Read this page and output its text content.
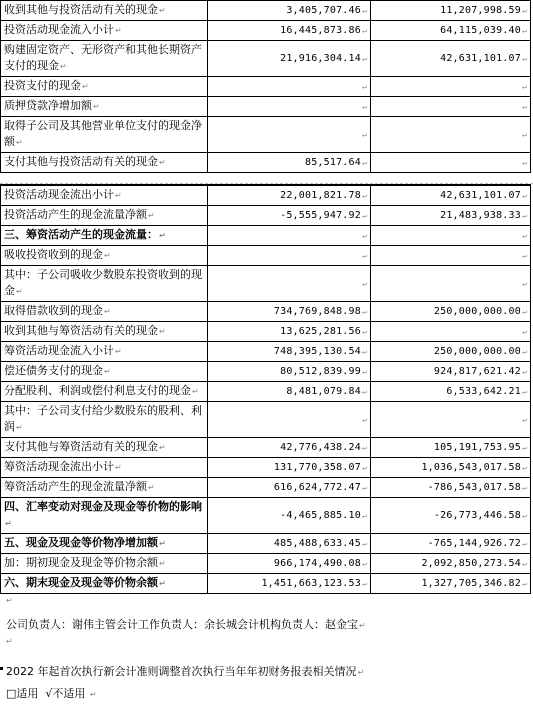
收到其他与投资活动有关的现金↵	3,405,707.46↵	11,207,998.59↵
投资活动现金流入小计↵	16,445,873.86↵	64,115,039.40↵
购建固定资产、无形资产和其他长期资产支付的现金↵	21,916,304.14↵	42,631,101.07↵
投资支付的现金↵	↵	↵
质押贷款净增加额↵	↵	↵
取得子公司及其他营业单位支付的现金净额↵	↵	↵
支付其他与投资活动有关的现金↵	85,517.64↵	↵
投资活动现金流出小计↵	22,001,821.78↵	42,631,101.07↵
投资活动产生的现金流量净额↵	-5,555,947.92↵	21,483,938.33↵
三、筹资活动产生的现金流量：↵	↵	↵
吸收投资收到的现金↵	↵	↵
其中：子公司吸收少数股东投资收到的现金↵	↵	↵
取得借款收到的现金↵	734,769,848.98↵	250,000,000.00↵
收到其他与筹资活动有关的现金↵	13,625,281.56↵	↵
筹资活动现金流入小计↵	748,395,130.54↵	250,000,000.00↵
偿还债务支付的现金↵	80,512,839.99↵	924,817,621.42↵
分配股利、利润或偿付利息支付的现金↵	8,481,079.84↵	6,533,642.21↵
其中：子公司支付给少数股东的股利、利润↵	↵	↵
支付其他与筹资活动有关的现金↵	42,776,438.24↵	105,191,753.95↵
筹资活动现金流出小计↵	131,770,358.07↵	1,036,543,017.58↵
筹资活动产生的现金流量净额↵	616,624,772.47↵	-786,543,017.58↵
四、汇率变动对现金及现金等价物的影响↵	-4,465,885.10↵	-26,773,446.58↵
五、现金及现金等价物净增加额↵	485,488,633.45↵	-765,144,926.72↵
加：期初现金及现金等价物余额↵	966,174,490.08↵	2,092,850,273.54↵
六、期末现金及现金等价物余额↵	1,451,663,123.53↵	1,327,705,346.82↵
↵
公司负责人：谢伟主管会计工作负责人：余长城会计机构负责人：赵金宝↵
↵
2022 年起首次执行新会计准则调整首次执行当年年初财务报表相关情况↵
□适用 √不适用 ↵
